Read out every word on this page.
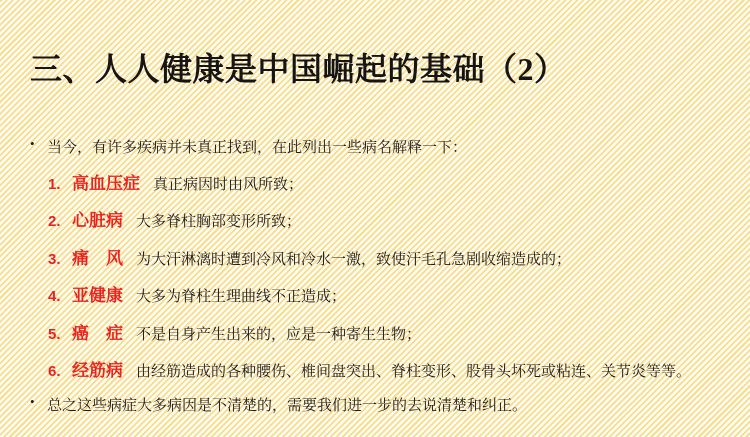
三、人人健康是中国崛起的基础（2）
• 当今，有许多疾病并未真正找到，在此列出一些病名解释一下：
1. 高血压症 真正病因时由风所致；
2. 心脏病 大多脊柱胸部变形所致；
3. 痛　风 为大汗淋漓时遭到冷风和冷水一激，致使汗毛孔急剧收缩造成的；
4. 亚健康 大多为脊柱生理曲线不正造成；
5. 癌　症 不是自身产生出来的，应是一种寄生生物；
6. 经筋病 由经筋造成的各种腰伤、椎间盘突出、脊柱变形、股骨头坏死或粘连、关节炎等等。
• 总之这些病症大多病因是不清楚的，需要我们进一步的去说清楚和纠正。
